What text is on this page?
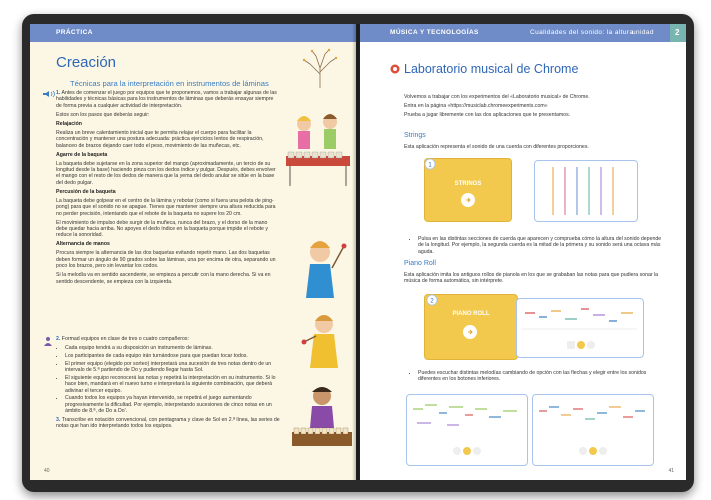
PRÁCTICA
Creación
Técnicas para la interpretación en instrumentos de láminas

1. Antes de comenzar el juego por equipos que te proponemos, vamos a trabajar algunas de las habilidades y técnicas básicas para los instrumentos de láminas que deberás ensayar siempre de forma previa a cualquier actividad de interpretación.

Estos son los pasos que deberás seguir:

Relajación

Realiza un breve calentamiento inicial que te permita relajar el cuerpo para facilitar la concentración y mantener una postura adecuada: práctica ejercicios lentos de respiración, balanceo de brazos dejando caer todo el peso, movimiento de las muñecas, etc.

Agarre de la baqueta

La baqueta debe sujetarse en la zona superior del mango (aproximadamente, un tercio de su longitud desde la base) haciendo pinza con los dedos índice y pulgar. Después, debes envolver el mango con el resto de los dedos de manera que la yema del dedo anular se sitúe en la base del dedo pulgar.

Percusión de la baqueta

La baqueta debe golpear en el centro de la lámina y rebotar (como si fuera una pelota de ping-pong) para que el sonido no se apague. Tienes que mantener siempre una altura reducida para no perder precisión, intentando que el rebote de la baqueta no supere los 20 cm.

El movimiento de impulso debe surgir de la muñeca, nunca del brazo, y el dorso de la mano debe quedar hacia arriba. No apoyes el dedo índice en la baqueta porque impide el rebote y reduce la sonoridad.

Alternancia de manos

Procura siempre la alternancia de las dos baquetas evitando repetir mano. Las dos baquetas deben formar un ángulo de 90 grados sobre las láminas, una por encima de otra, separando un poco los brazos, pero sin levantar los codos.

Si la melodía va en sentido ascendente, se empieza a percutir con la mano derecha. Si va en sentido descendente, se empieza con la izquierda.

2. Formad equipos en clase de tres o cuatro compañeros:

• Cada equipo tendrá a su disposición un instrumento de láminas.
• Los participantes de cada equipo irán turnándose para que puedan tocar todos.
• El primer equipo (elegido por sorteo) interpretará una sucesión de tres notas dentro de un intervalo de 5.ª partiendo de Do y pudiendo llegar hasta Sol.
• El siguiente equipo reconocerá las notas y repetirá la interpretación en su instrumento. Si lo hace bien, mandará en el nuevo turno e interpretará la siguiente combinación, que deberá adivinar el tercer equipo.
• Cuando todos los equipos ya hayan intervenido, se repetirá el juego aumentando progresivamente la dificultad. Por ejemplo, interpretando sucesiones de cinco notas en un ámbito de 8.ª, de Do a Do'.

3. Transcribe en notación convencional, con pentagrama y clave de Sol en 2.ª línea, las series de notas que han ido interpretando todos los equipos.

40
MÚSICA Y TECNOLOGÍAS	Cualidades del sonido: la altura
unidad	2
Laboratorio musical de Chrome

Volvemos a trabajar con los experimentos del «Laboratorio musical» de Chrome.

Entra en la página «https://musiclab.chromeexperiments.com»

Prueba a jugar libremente con las dos aplicaciones que te presentamos.

Strings
Esta aplicación representa el sonido de una cuerda con diferentes proporciones.
STRINGS
1
• Pulsa en las distintas secciones de cuerda que aparecen y comprueba cómo la altura del sonido depende de la longitud. Por ejemplo, la segunda cuerda es la mitad de la primera y su sonido será una octava más aguda.
Piano Roll
Esta aplicación imita los antiguos rollos de pianola en los que se grababan las notas para que pudiera sonar la música de forma automática, sin intérprete.
PIANO ROLL
2
• Puedes escuchar distintas melodías cambiando de opción con las flechas y elegir entre los sonidos diferentes en los botones inferiores.
41
